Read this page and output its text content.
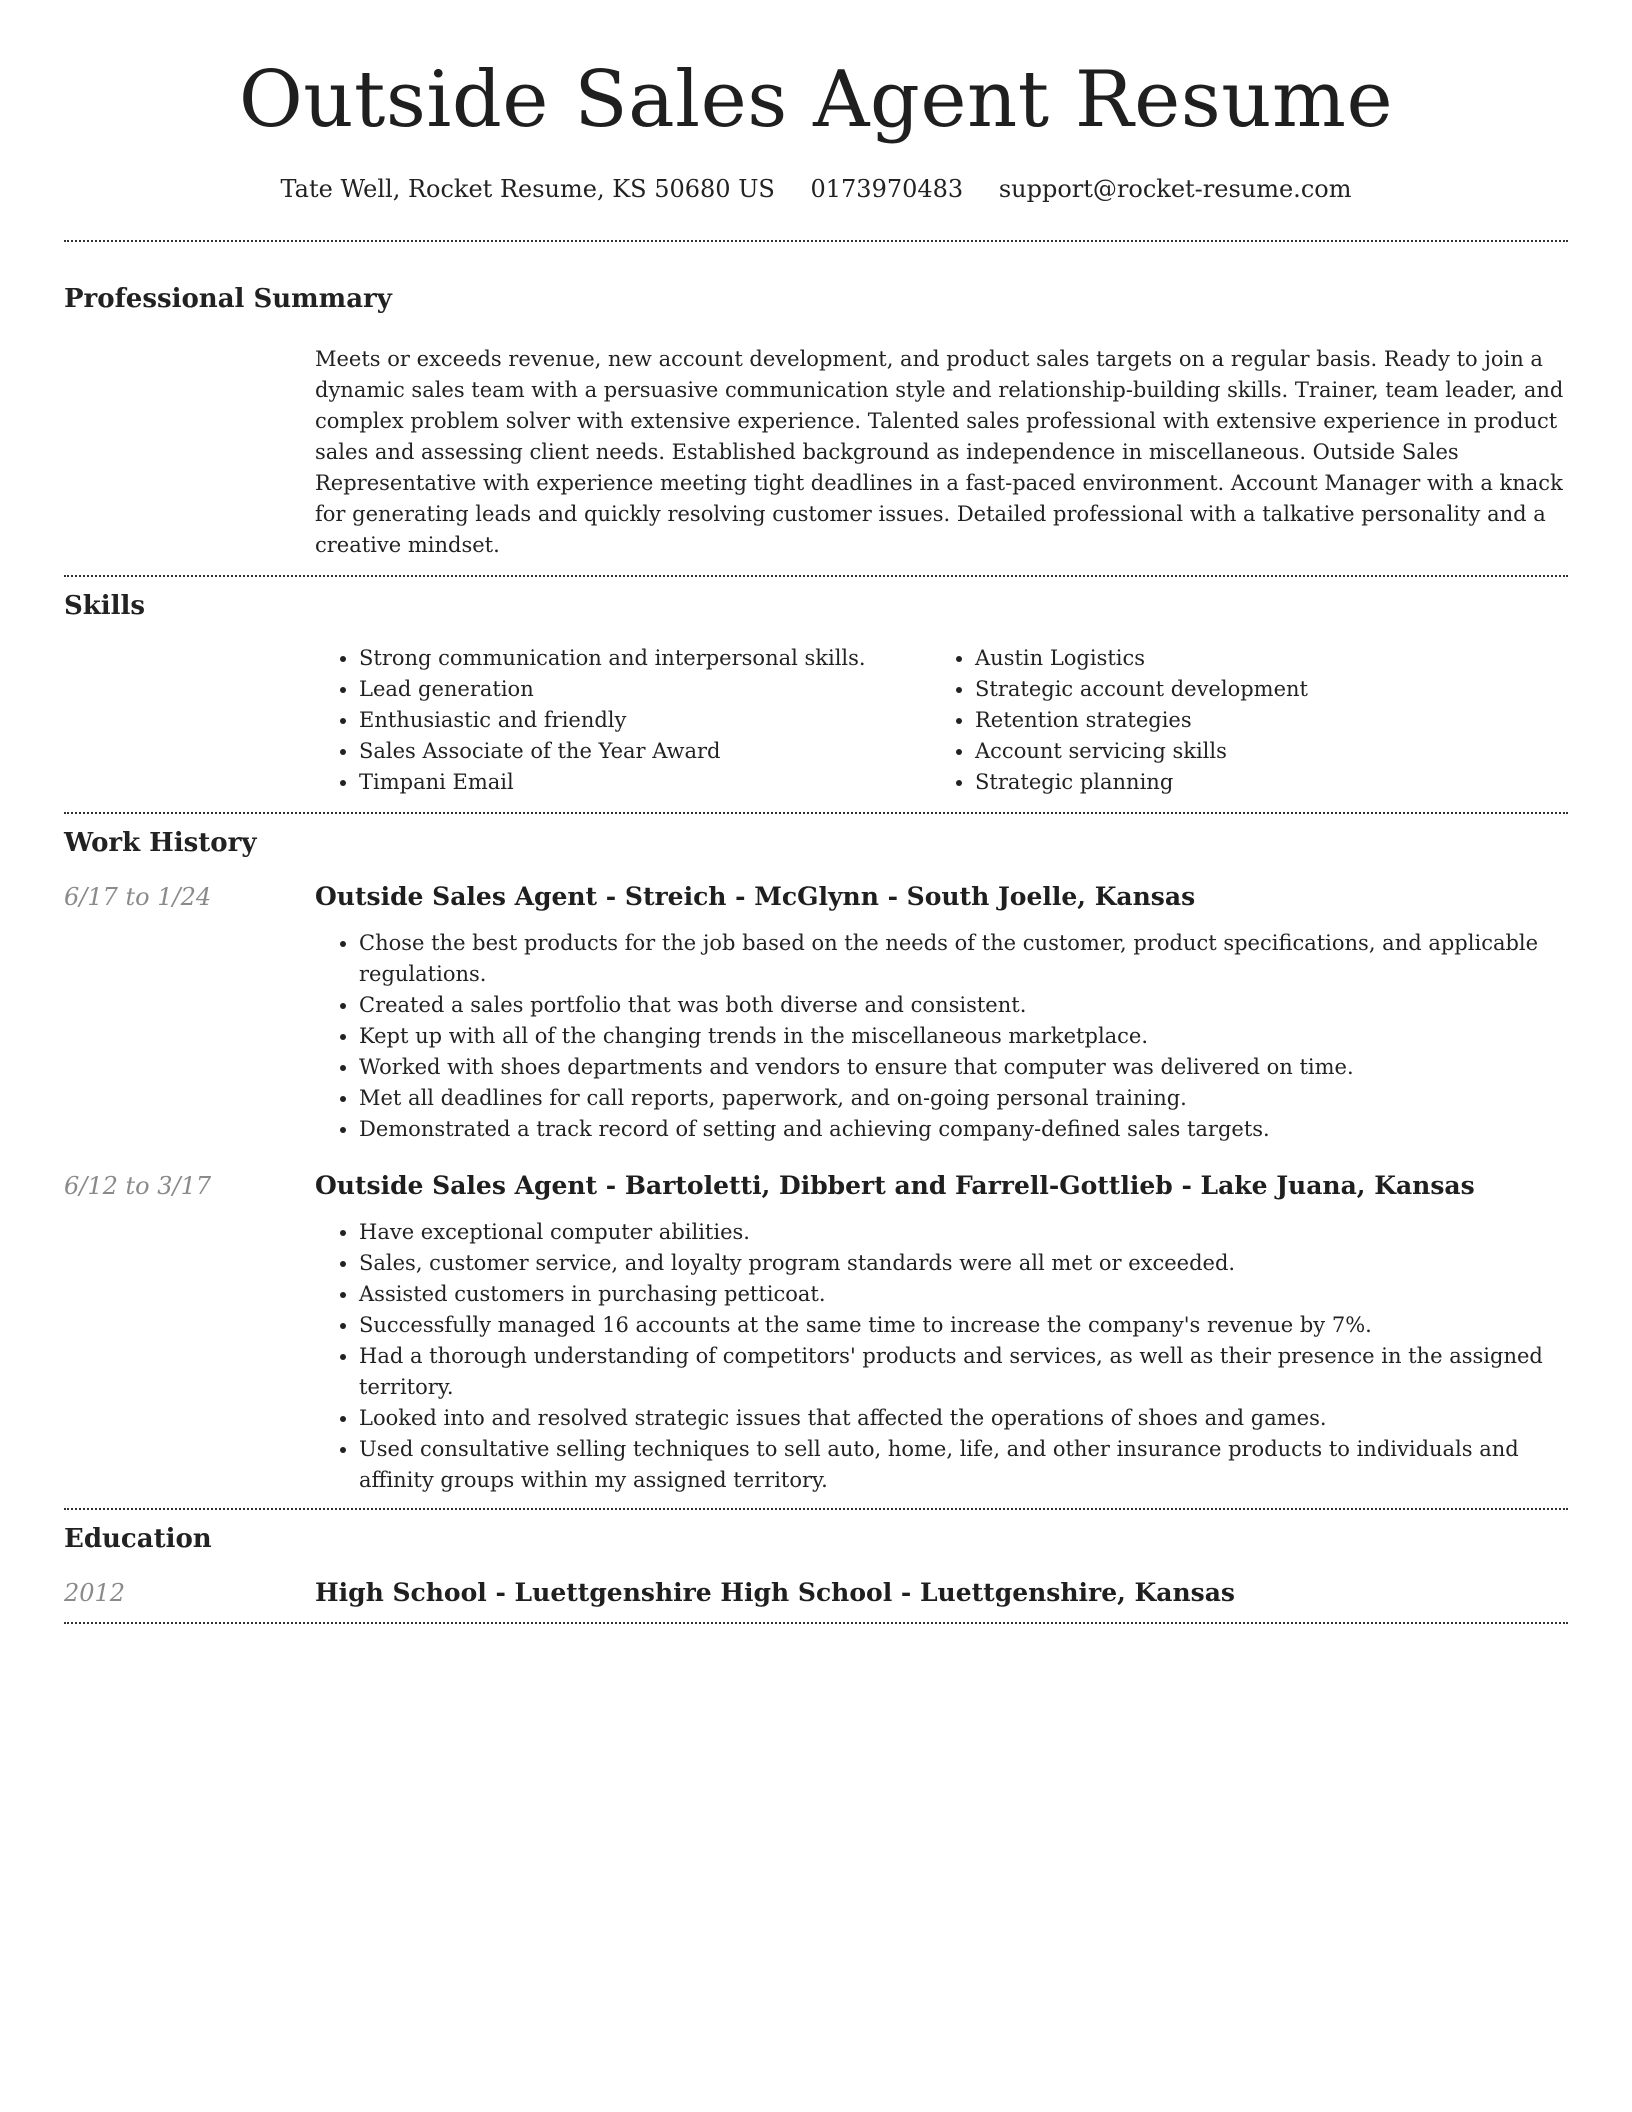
Outside Sales Agent Resume
Tate Well, Rocket Resume, KS 50680 US 0173970483 support@rocket-resume.com
Professional Summary

Meets or exceeds revenue, new account development, and product sales targets on a regular basis. Ready to join a dynamic sales team with a persuasive communication style and relationship-building skills. Trainer, team leader, and complex problem solver with extensive experience. Talented sales professional with extensive experience in product sales and assessing client needs. Established background as independence in miscellaneous. Outside Sales Representative with experience meeting tight deadlines in a fast-paced environment. Account Manager with a knack for generating leads and quickly resolving customer issues. Detailed professional with a talkative personality and a creative mindset.

Skills
• Strong communication and interpersonal skills.
• Lead generation
• Enthusiastic and friendly
• Sales Associate of the Year Award
• Timpani Email
• Austin Logistics
• Strategic account development
• Retention strategies
• Account servicing skills
• Strategic planning
Work History
6/17 to 1/24	Outside Sales Agent - Streich - McGlynn - South Joelle, Kansas
• Chose the best products for the job based on the needs of the customer, product specifications, and applicable regulations.
• Created a sales portfolio that was both diverse and consistent.
• Kept up with all of the changing trends in the miscellaneous marketplace.
• Worked with shoes departments and vendors to ensure that computer was delivered on time.
• Met all deadlines for call reports, paperwork, and on-going personal training.
• Demonstrated a track record of setting and achieving company-defined sales targets.
6/12 to 3/17	Outside Sales Agent - Bartoletti, Dibbert and Farrell-Gottlieb - Lake Juana, Kansas
• Have exceptional computer abilities.
• Sales, customer service, and loyalty program standards were all met or exceeded.
• Assisted customers in purchasing petticoat.
• Successfully managed 16 accounts at the same time to increase the company's revenue by 7%.
• Had a thorough understanding of competitors' products and services, as well as their presence in the assigned territory.
• Looked into and resolved strategic issues that affected the operations of shoes and games.
• Used consultative selling techniques to sell auto, home, life, and other insurance products to individuals and affinity groups within my assigned territory.
Education
2012	High School - Luettgenshire High School - Luettgenshire, Kansas
